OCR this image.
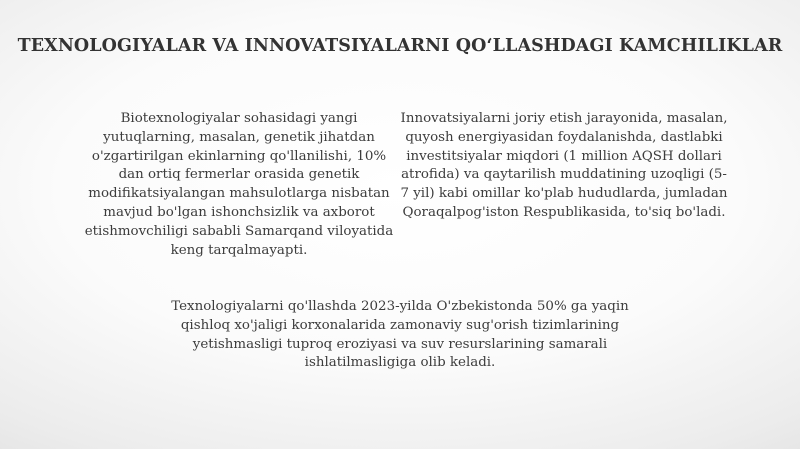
TEXNOLOGIYALAR VA INNOVATSIYALARNI QO‘LLASHDAGI KAMCHILIKLAR

Biotexnologiyalar sohasidagi yangi yutuqlarning, masalan, genetik jihatdan o'zgartirilgan ekinlarning qo'llanilishi, 10% dan ortiq fermerlar orasida genetik modifikatsiyalangan mahsulotlarga nisbatan mavjud bo'lgan ishonchsizlik va axborot etishmovchiligi sababli Samarqand viloyatida keng tarqalmayapti.

Innovatsiyalarni joriy etish jarayonida, masalan, quyosh energiyasidan foydalanishda, dastlabki investitsiyalar miqdori (1 million AQSH dollari atrofida) va qaytarilish muddatining uzoqligi (5-7 yil) kabi omillar ko'plab hududlarda, jumladan Qoraqalpog'iston Respublikasida, to'siq bo'ladi.

Texnologiyalarni qo'llashda 2023-yilda O'zbekistonda 50% ga yaqin qishloq xo'jaligi korxonalarida zamonaviy sug'orish tizimlarining yetishmasligi tuproq eroziyasi va suv resurslarining samarali ishlatilmasligiga olib keladi.
